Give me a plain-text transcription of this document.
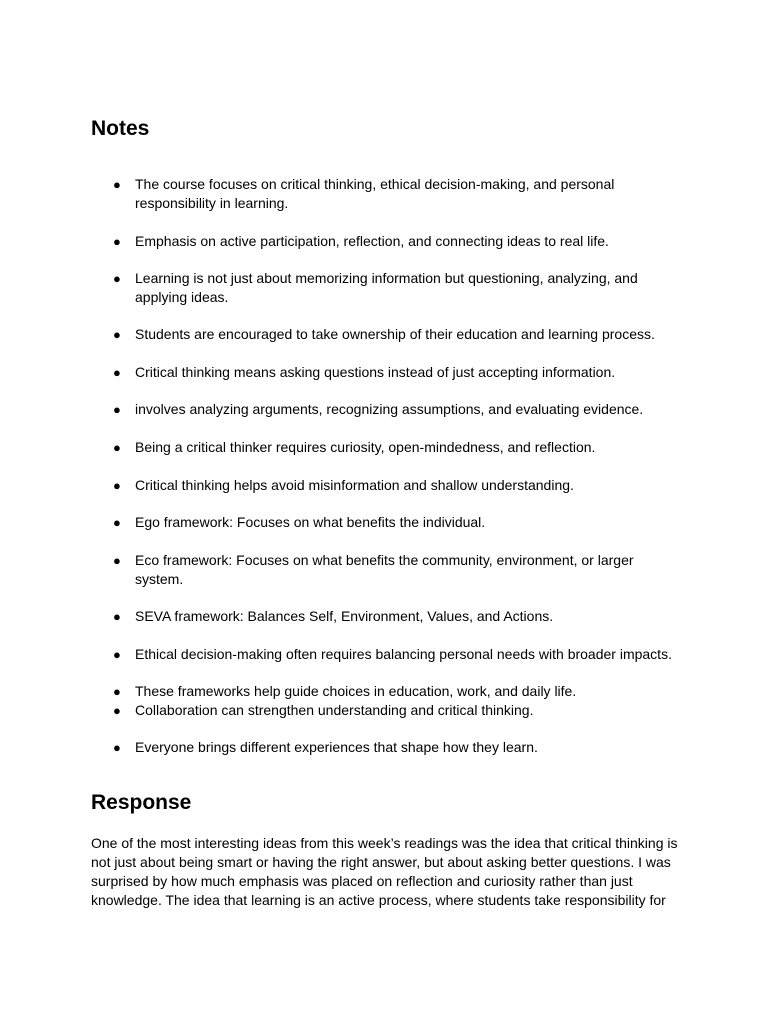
Notes
● The course focuses on critical thinking, ethical decision-making, and personal
responsibility in learning.
● Emphasis on active participation, reflection, and connecting ideas to real life.
● Learning is not just about memorizing information but questioning, analyzing, and
applying ideas.
● Students are encouraged to take ownership of their education and learning process.
● Critical thinking means asking questions instead of just accepting information.
● involves analyzing arguments, recognizing assumptions, and evaluating evidence.
● Being a critical thinker requires curiosity, open-mindedness, and reflection.
● Critical thinking helps avoid misinformation and shallow understanding.
● Ego framework: Focuses on what benefits the individual.
● Eco framework: Focuses on what benefits the community, environment, or larger
system.
● SEVA framework: Balances Self, Environment, Values, and Actions.
● Ethical decision-making often requires balancing personal needs with broader impacts.
● These frameworks help guide choices in education, work, and daily life.
● Collaboration can strengthen understanding and critical thinking.
● Everyone brings different experiences that shape how they learn.
Response

One of the most interesting ideas from this week’s readings was the idea that critical thinking is
not just about being smart or having the right answer, but about asking better questions. I was
surprised by how much emphasis was placed on reflection and curiosity rather than just
knowledge. The idea that learning is an active process, where students take responsibility for
